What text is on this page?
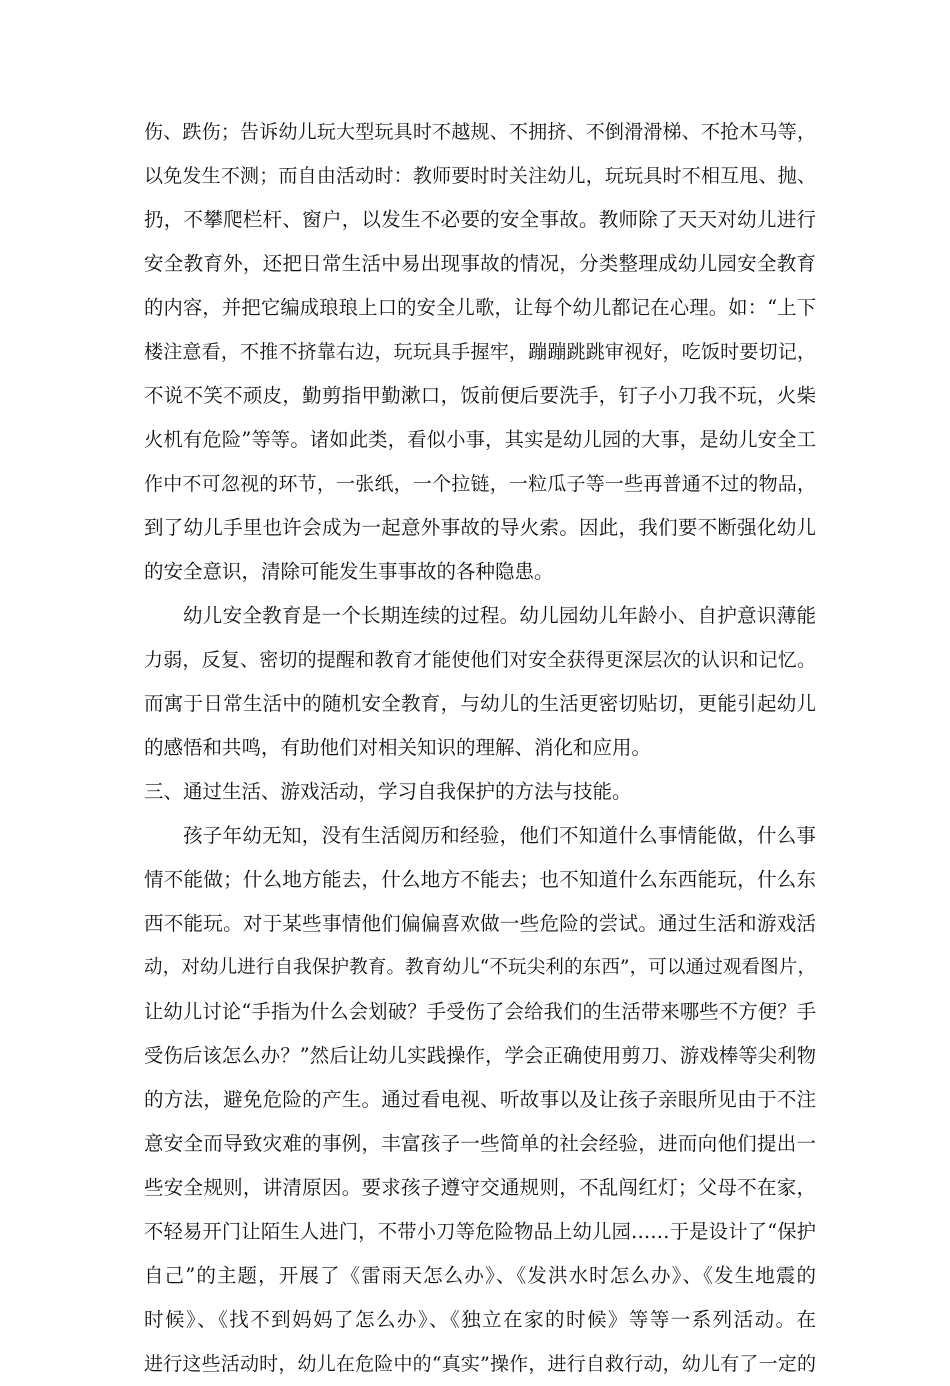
伤、跌伤；告诉幼儿玩大型玩具时不越规、不拥挤、不倒滑滑梯、不抢木马等，
以免发生不测；而自由活动时：教师要时时关注幼儿，玩玩具时不相互甩、抛、
扔，不攀爬栏杆、窗户，以发生不必要的安全事故。教师除了天天对幼儿进行
安全教育外，还把日常生活中易出现事故的情况，分类整理成幼儿园安全教育
的内容，并把它编成琅琅上口的安全儿歌，让每个幼儿都记在心理。如：“上下
楼注意看，不推不挤靠右边，玩玩具手握牢，蹦蹦跳跳审视好，吃饭时要切记，
不说不笑不顽皮，勤剪指甲勤漱口，饭前便后要洗手，钉子小刀我不玩，火柴
火机有危险”等等。诸如此类，看似小事，其实是幼儿园的大事，是幼儿安全工
作中不可忽视的环节，一张纸，一个拉链，一粒瓜子等一些再普通不过的物品，
到了幼儿手里也许会成为一起意外事故的导火索。因此，我们要不断强化幼儿
的安全意识，清除可能发生事事故的各种隐患。
幼儿安全教育是一个长期连续的过程。幼儿园幼儿年龄小、自护意识薄能
力弱，反复、密切的提醒和教育才能使他们对安全获得更深层次的认识和记忆。
而寓于日常生活中的随机安全教育，与幼儿的生活更密切贴切，更能引起幼儿
的感悟和共鸣，有助他们对相关知识的理解、消化和应用。
三、通过生活、游戏活动，学习自我保护的方法与技能。
孩子年幼无知，没有生活阅历和经验，他们不知道什么事情能做，什么事
情不能做；什么地方能去，什么地方不能去；也不知道什么东西能玩，什么东
西不能玩。对于某些事情他们偏偏喜欢做一些危险的尝试。通过生活和游戏活
动，对幼儿进行自我保护教育。教育幼儿“不玩尖利的东西”，可以通过观看图片，
让幼儿讨论“手指为什么会划破？手受伤了会给我们的生活带来哪些不方便？手
受伤后该怎么办？”然后让幼儿实践操作，学会正确使用剪刀、游戏棒等尖利物
的方法，避免危险的产生。通过看电视、听故事以及让孩子亲眼所见由于不注
意安全而导致灾难的事例，丰富孩子一些简单的社会经验，进而向他们提出一
些安全规则，讲清原因。要求孩子遵守交通规则，不乱闯红灯；父母不在家，
不轻易开门让陌生人进门，不带小刀等危险物品上幼儿园……于是设计了“保护
自己”的主题，开展了《雷雨天怎么办》、《发洪水时怎么办》、《发生地震的
时候》、《找不到妈妈了怎么办》、《独立在家的时候》等等一系列活动。在
进行这些活动时，幼儿在危险中的“真实”操作，进行自救行动，幼儿有了一定的
